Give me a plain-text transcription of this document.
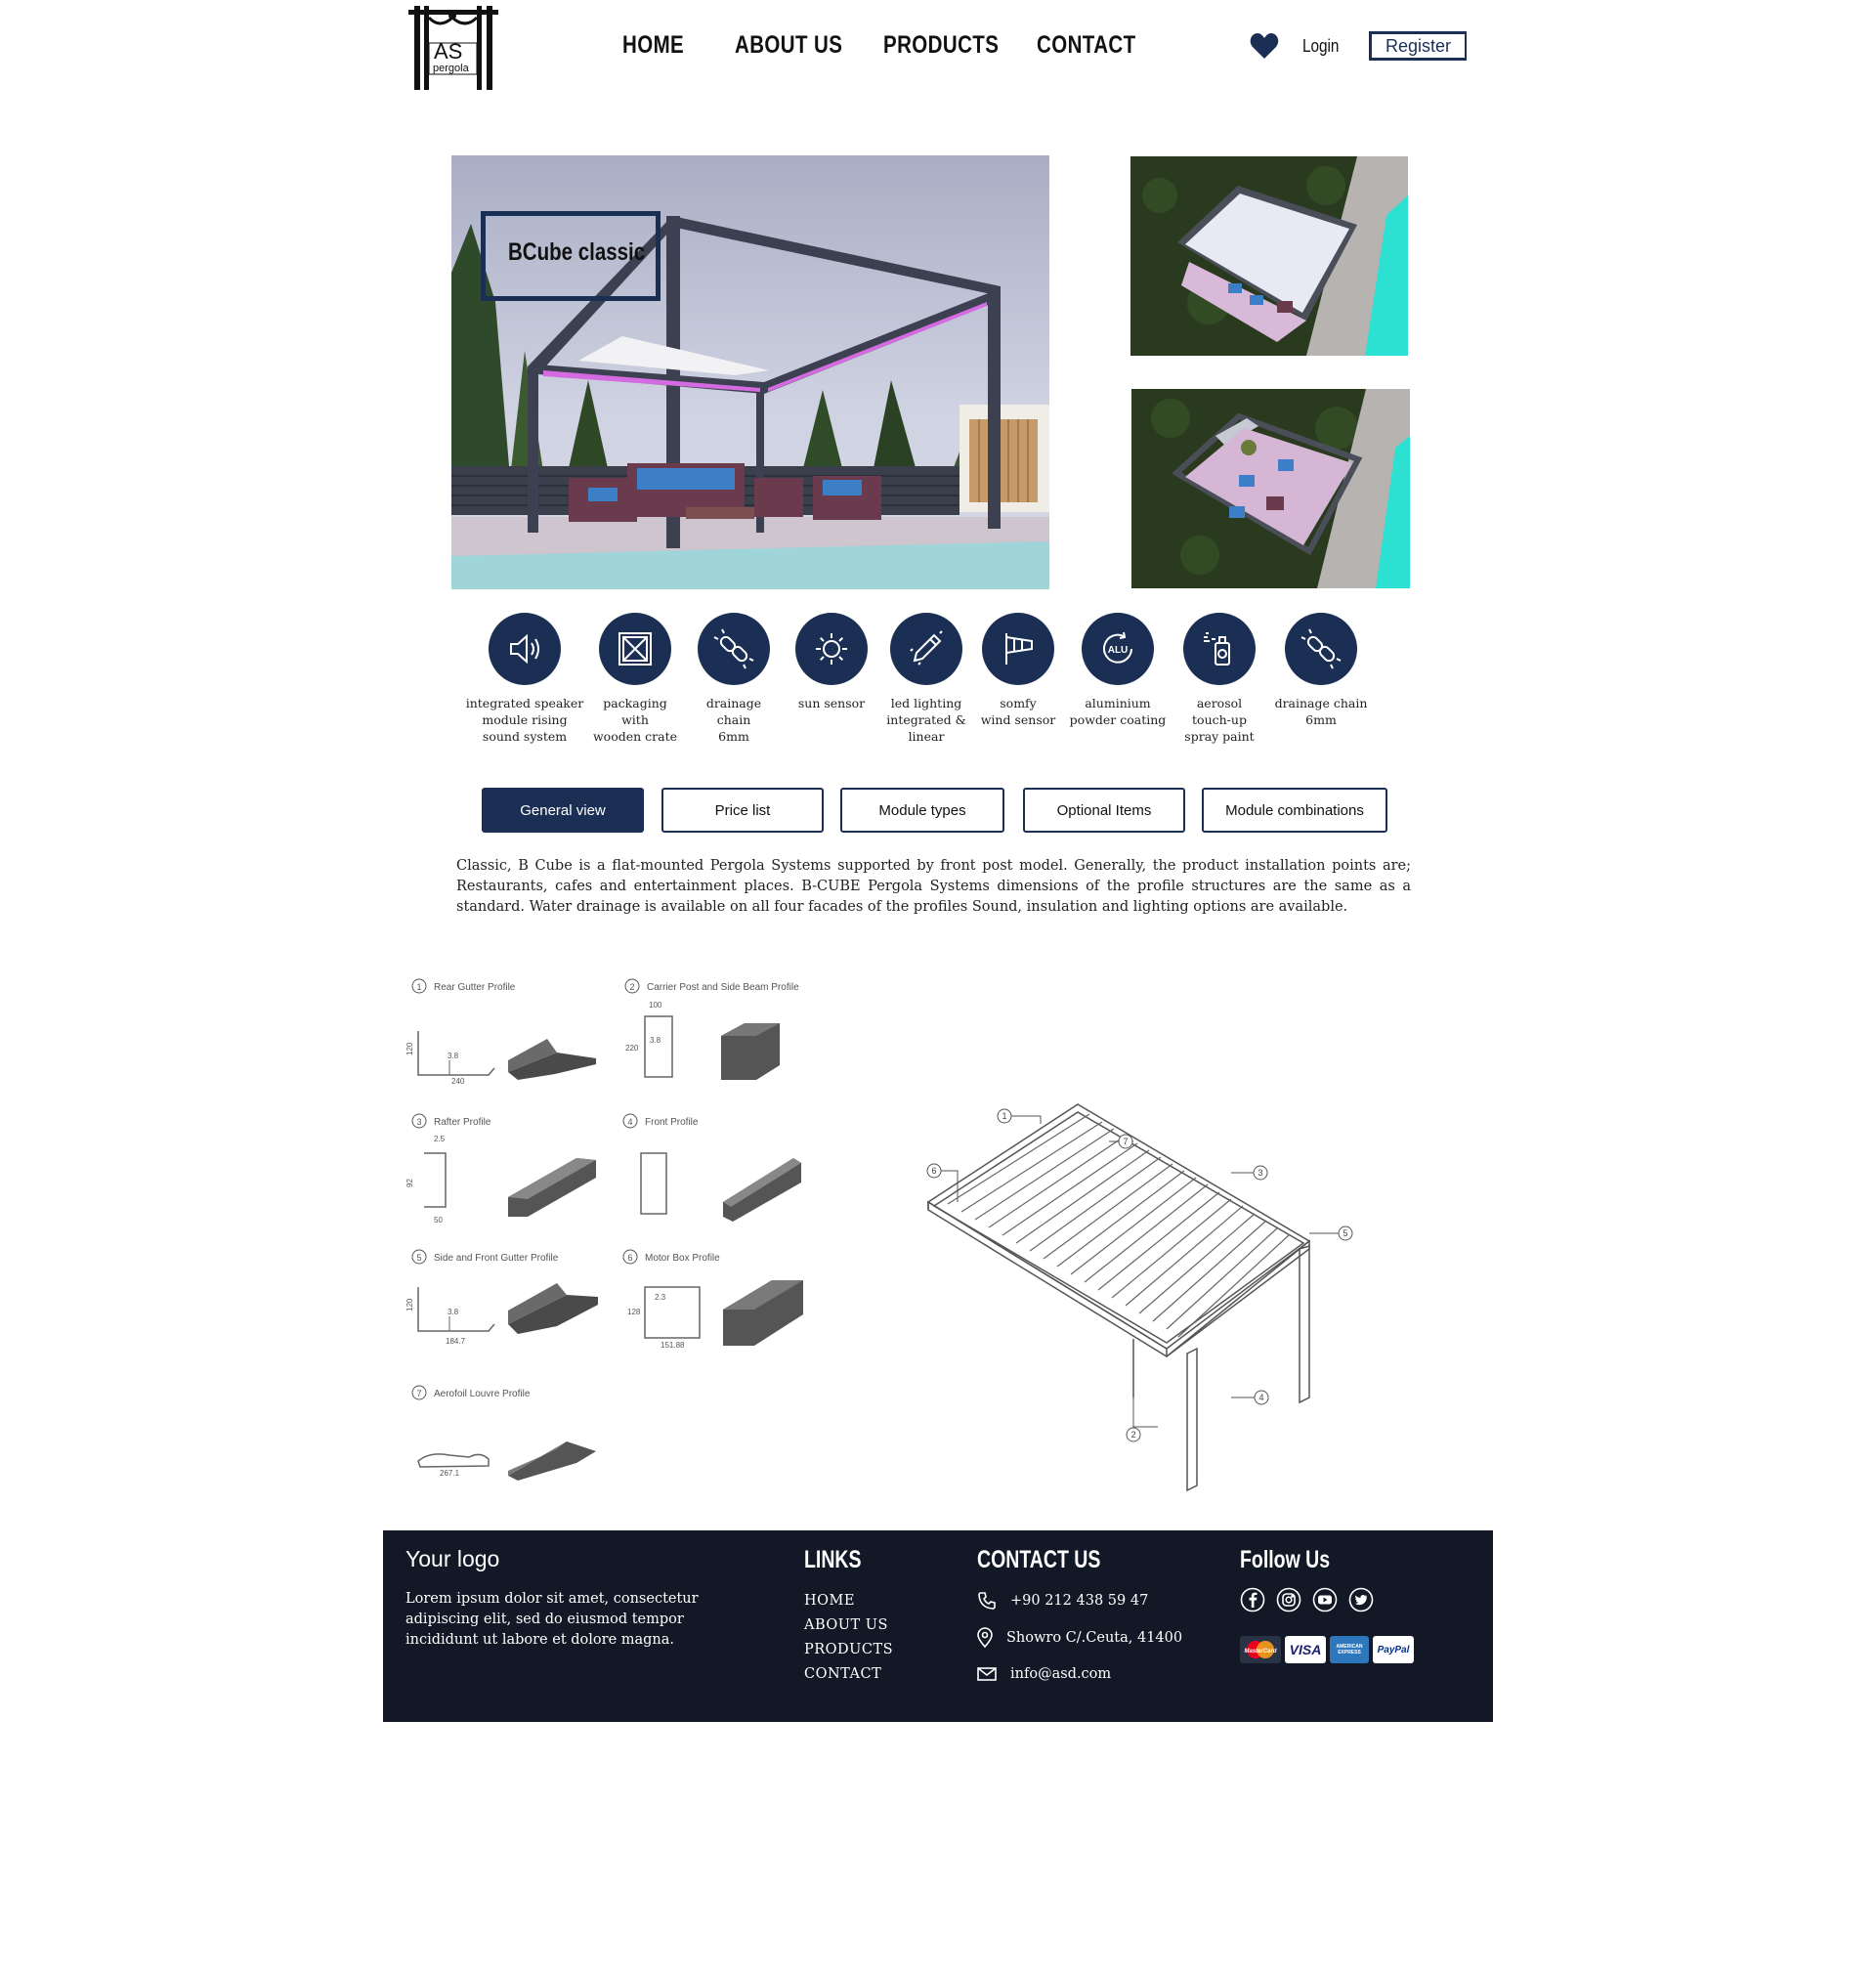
AS
pergola
HOME ABOUT US PRODUCTS CONTACT	Login	Register
BCube classic
integrated speaker
module rising
sound system
packaging
with
wooden crate
drainage
chain
6mm
sun sensor	led lighting
integrated &
linear
somfy
wind sensor
ALU
aluminium
powder coating
aerosol
touch-up
spray paint
drainage chain
6mm
General view	Price list	Module types	Optional Items	Module combinations

Classic, B Cube is a flat-mounted Pergola Systems supported by front post model. Generally, the product installation points are; Restaurants, cafes and entertainment places. B-CUBE Pergola Systems dimensions of the profile structures are the same as a standard. Water drainage is available on all four facades of the profiles Sound, insulation and lighting options are available.

1 Rear Gutter Profile
120
3.8
240
2 Carrier Post and Side Beam Profile
100
220
3.8
3 Rafter Profile
2.5
92
50
4 Front Profile
5 Side and Front Gutter Profile
120
3.8
184.7
6 Motor Box Profile
128
2.3
151.88
7 Aerofoil Louvre Profile
267.1
1
7
6	3
5
4
2
Your logo

Lorem ipsum dolor sit amet, consectetur adipiscing elit, sed do eiusmod tempor incididunt ut labore et dolore magna.

LINKS
HOME
ABOUT US
PRODUCTS
CONTACT
CONTACT US
+90 212 438 59 47
Showro C/.Ceuta, 41400
info@asd.com
Follow Us
MasterCard VISA	AMERICAN EXPRESS	PayPal
